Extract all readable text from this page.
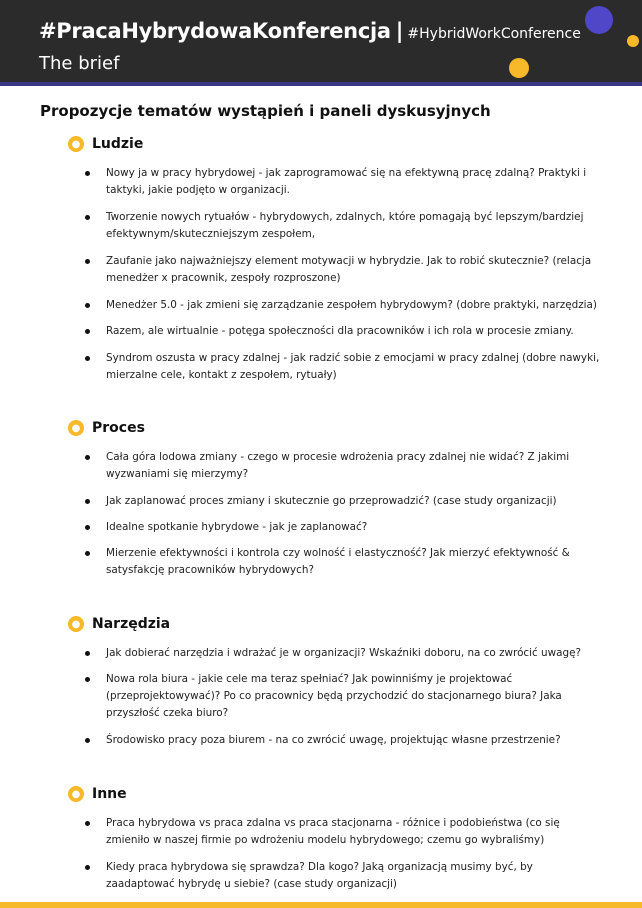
#PracaHybrydowaKonferencja | #HybridWorkConference
The brief
Propozycje tematów wystąpień i paneli dyskusyjnych
● Ludzie
Nowy ja w pracy hybrydowej - jak zaprogramować się na efektywną pracę zdalną? Praktyki i taktyki, jakie podjęto w organizacji.
Tworzenie nowych rytuałów - hybrydowych, zdalnych, które pomagają być lepszym/bardziej efektywnym/skuteczniejszym zespołem,
Zaufanie jako najważniejszy element motywacji w hybrydzie. Jak to robić skutecznie? (relacja menedżer x pracownik, zespoły rozproszone)
Menedżer 5.0 - jak zmieni się zarządzanie zespołem hybrydowym? (dobre praktyki, narzędzia)
Razem, ale wirtualnie - potęga społeczności dla pracowników i ich rola w procesie zmiany.
Syndrom oszusta w pracy zdalnej - jak radzić sobie z emocjami w pracy zdalnej (dobre nawyki, mierzalne cele, kontakt z zespołem, rytuały)
● Proces
Cała góra lodowa zmiany - czego w procesie wdrożenia pracy zdalnej nie widać? Z jakimi wyzwaniami się mierzymy?
Jak zaplanować proces zmiany i skutecznie go przeprowadzić? (case study organizacji)
Idealne spotkanie hybrydowe - jak je zaplanować?
Mierzenie efektywności i kontrola czy wolność i elastyczność? Jak mierzyć efektywność & satysfakcję pracowników hybrydowych?
● Narzędzia
Jak dobierać narzędzia i wdrażać je w organizacji? Wskaźniki doboru, na co zwrócić uwagę?
Nowa rola biura - jakie cele ma teraz spełniać? Jak powinniśmy je projektować (przeprojektowywać)? Po co pracownicy będą przychodzić do stacjonarnego biura? Jaka przyszłość czeka biuro?
Środowisko pracy poza biurem - na co zwrócić uwagę, projektując własne przestrzenie?
● Inne
Praca hybrydowa vs praca zdalna vs praca stacjonarna - różnice i podobieństwa (co się zmieniło w naszej firmie po wdrożeniu modelu hybrydowego; czemu go wybraliśmy)
Kiedy praca hybrydowa się sprawdza? Dla kogo? Jaką organizacją musimy być, by zaadaptować hybrydę u siebie? (case study organizacji)
